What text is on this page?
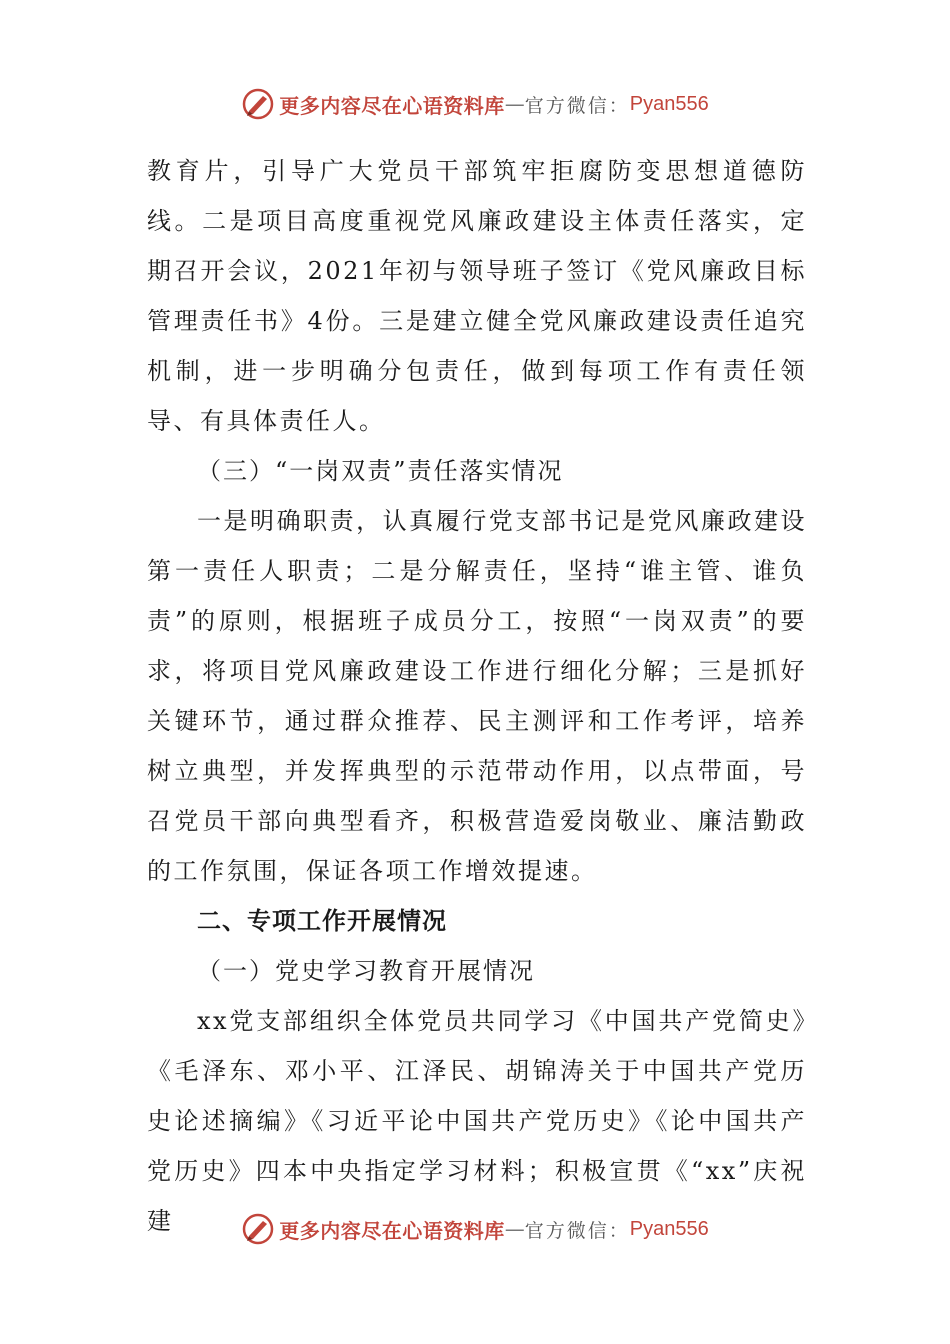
更多内容尽在心语资料库 — 官方微信： Pyan556

教育片，引导广大党员干部筑牢拒腐防变思想道德防线。二是项目高度重视党风廉政建设主体责任落实，定期召开会议，2021年初与领导班子签订《党风廉政目标管理责任书》4份。三是建立健全党风廉政建设责任追究机制，进一步明确分包责任，做到每项工作有责任领导、有具体责任人。

（三）“一岗双责”责任落实情况

一是明确职责，认真履行党支部书记是党风廉政建设第一责任人职责；二是分解责任，坚持“谁主管、谁负责”的原则，根据班子成员分工，按照“一岗双责”的要求，将项目党风廉政建设工作进行细化分解；三是抓好关键环节，通过群众推荐、民主测评和工作考评，培养树立典型，并发挥典型的示范带动作用，以点带面，号召党员干部向典型看齐，积极营造爱岗敬业、廉洁勤政的工作氛围，保证各项工作增效提速。

二、专项工作开展情况

（一）党史学习教育开展情况

xx党支部组织全体党员共同学习《中国共产党简史》《毛泽东、邓小平、江泽民、胡锦涛关于中国共产党历史论述摘编》《习近平论中国共产党历史》《论中国共产党历史》四本中央指定学习材料；积极宣贯《“xx”庆祝建	更多内容尽在心语资料库 — 官方微信： Pyan556
